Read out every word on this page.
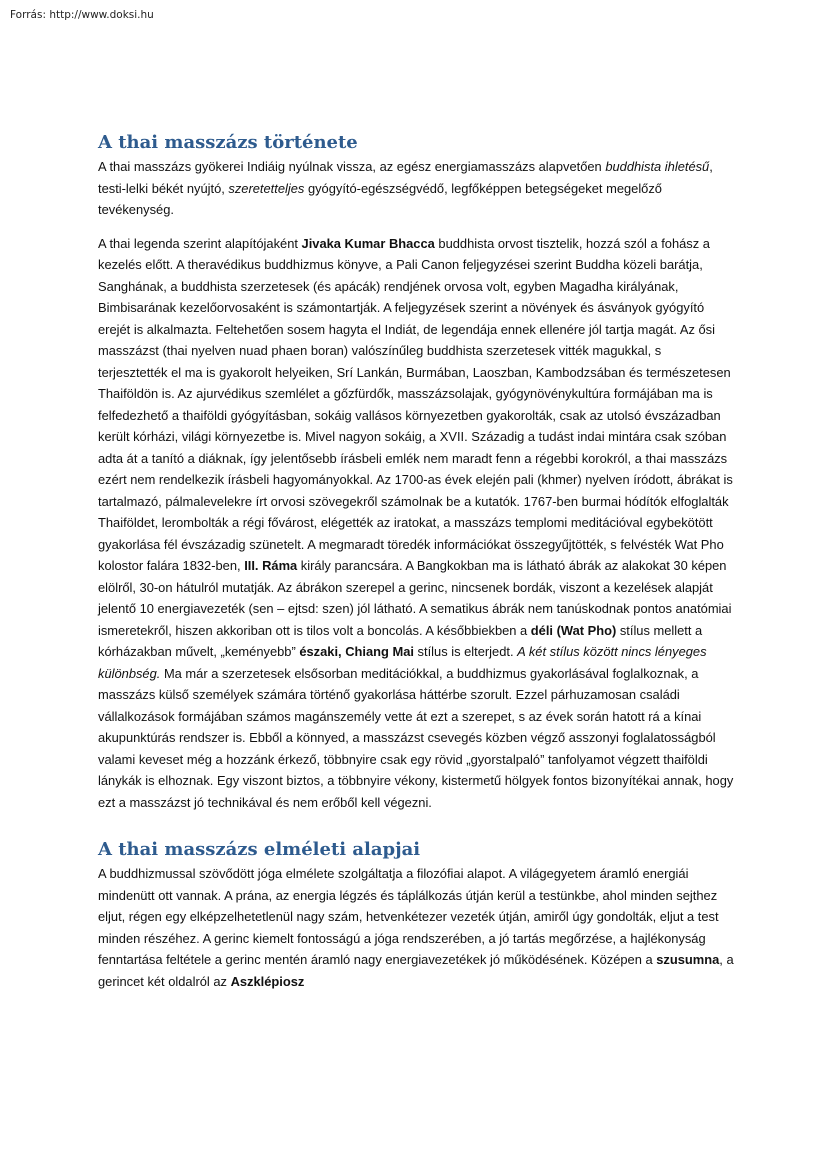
Forrás: http://www.doksi.hu
A thai masszázs története

A thai masszázs gyökerei Indiáig nyúlnak vissza, az egész energiamasszázs alapvetően buddhista ihletésű, testi-lelki békét nyújtó, szeretetteljes gyógyító-egészségvédő, legfőképpen betegségeket megelőző tevékenység.

A thai legenda szerint alapítójaként Jivaka Kumar Bhacca buddhista orvost tisztelik, hozzá szól a fohász a kezelés előtt. A theravédikus buddhizmus könyve, a Pali Canon feljegyzései szerint Buddha közeli barátja, Sanghának, a buddhista szerzetesek (és apácák) rendjének orvosa volt, egyben Magadha királyának, Bimbisarának kezelőorvosaként is számontartják. A feljegyzések szerint a növények és ásványok gyógyító erejét is alkalmazta. Feltehetően sosem hagyta el Indiát, de legendája ennek ellenére jól tartja magát. Az ősi masszázst (thai nyelven nuad phaen boran) valószínűleg buddhista szerzetesek vitték magukkal, s terjesztették el ma is gyakorolt helyeiken, Srí Lankán, Burmában, Laoszban, Kambodzsában és természetesen Thaiföldön is. Az ajurvédikus szemlélet a gőzfürdők, masszázsolajak, gyógynövénykultúra formájában ma is felfedezhető a thaiföldi gyógyításban, sokáig vallásos környezetben gyakorolták, csak az utolsó évszázadban került kórházi, világi környezetbe is. Mivel nagyon sokáig, a XVII. Századig a tudást indai mintára csak szóban adta át a tanító a diáknak, így jelentősebb írásbeli emlék nem maradt fenn a régebbi korokról, a thai masszázs ezért nem rendelkezik írásbeli hagyományokkal. Az 1700-as évek elején pali (khmer) nyelven íródott, ábrákat is tartalmazó, pálmalevelekre írt orvosi szövegekről számolnak be a kutatók. 1767-ben burmai hódítók elfoglalták Thaiföldet, lerombolták a régi fővárost, elégették az iratokat, a masszázs templomi meditációval egybekötött gyakorlása fél évszázadig szünetelt. A megmaradt töredék információkat összegyűjtötték, s felvésték Wat Pho kolostor falára 1832-ben, III. Ráma király parancsára. A Bangkokban ma is látható ábrák az alakokat 30 képen elölről, 30-on hátulról mutatják. Az ábrákon szerepel a gerinc, nincsenek bordák, viszont a kezelések alapját jelentő 10 energiavezeték (sen – ejtsd: szen) jól látható. A sematikus ábrák nem tanúskodnak pontos anatómiai ismeretekről, hiszen akkoriban ott is tilos volt a boncolás. A későbbiekben a déli (Wat Pho) stílus mellett a kórházakban művelt, „keményebb” északi, Chiang Mai stílus is elterjedt. A két stílus között nincs lényeges különbség. Ma már a szerzetesek elsősorban meditációkkal, a buddhizmus gyakorlásával foglalkoznak, a masszázs külső személyek számára történő gyakorlása háttérbe szorult. Ezzel párhuzamosan családi vállalkozások formájában számos magánszemély vette át ezt a szerepet, s az évek során hatott rá a kínai akupunktúrás rendszer is. Ebből a könnyed, a masszázst csevegés közben végző asszonyi foglalatosságból valami keveset még a hozzánk érkező, többnyire csak egy rövid „gyorstalpaló” tanfolyamot végzett thaiföldi lánykák is elhoznak. Egy viszont biztos, a többnyire vékony, kistermetű hölgyek fontos bizonyítékai annak, hogy ezt a masszázst jó technikával és nem erőből kell végezni.

A thai masszázs elméleti alapjai

A buddhizmussal szövődött jóga elmélete szolgáltatja a filozófiai alapot. A világegyetem áramló energiái mindenütt ott vannak. A prána, az energia légzés és táplálkozás útján kerül a testünkbe, ahol minden sejthez eljut, régen egy elképzelhetetlenül nagy szám, hetvenkétezer vezeték útján, amiről úgy gondolták, eljut a test minden részéhez. A gerinc kiemelt fontosságú a jóga rendszerében, a jó tartás megőrzése, a hajlékonyság fenntartása feltétele a gerinc mentén áramló nagy energiavezetékek jó működésének. Középen a szusumna, a gerincet két oldalról az Aszklépiosz
